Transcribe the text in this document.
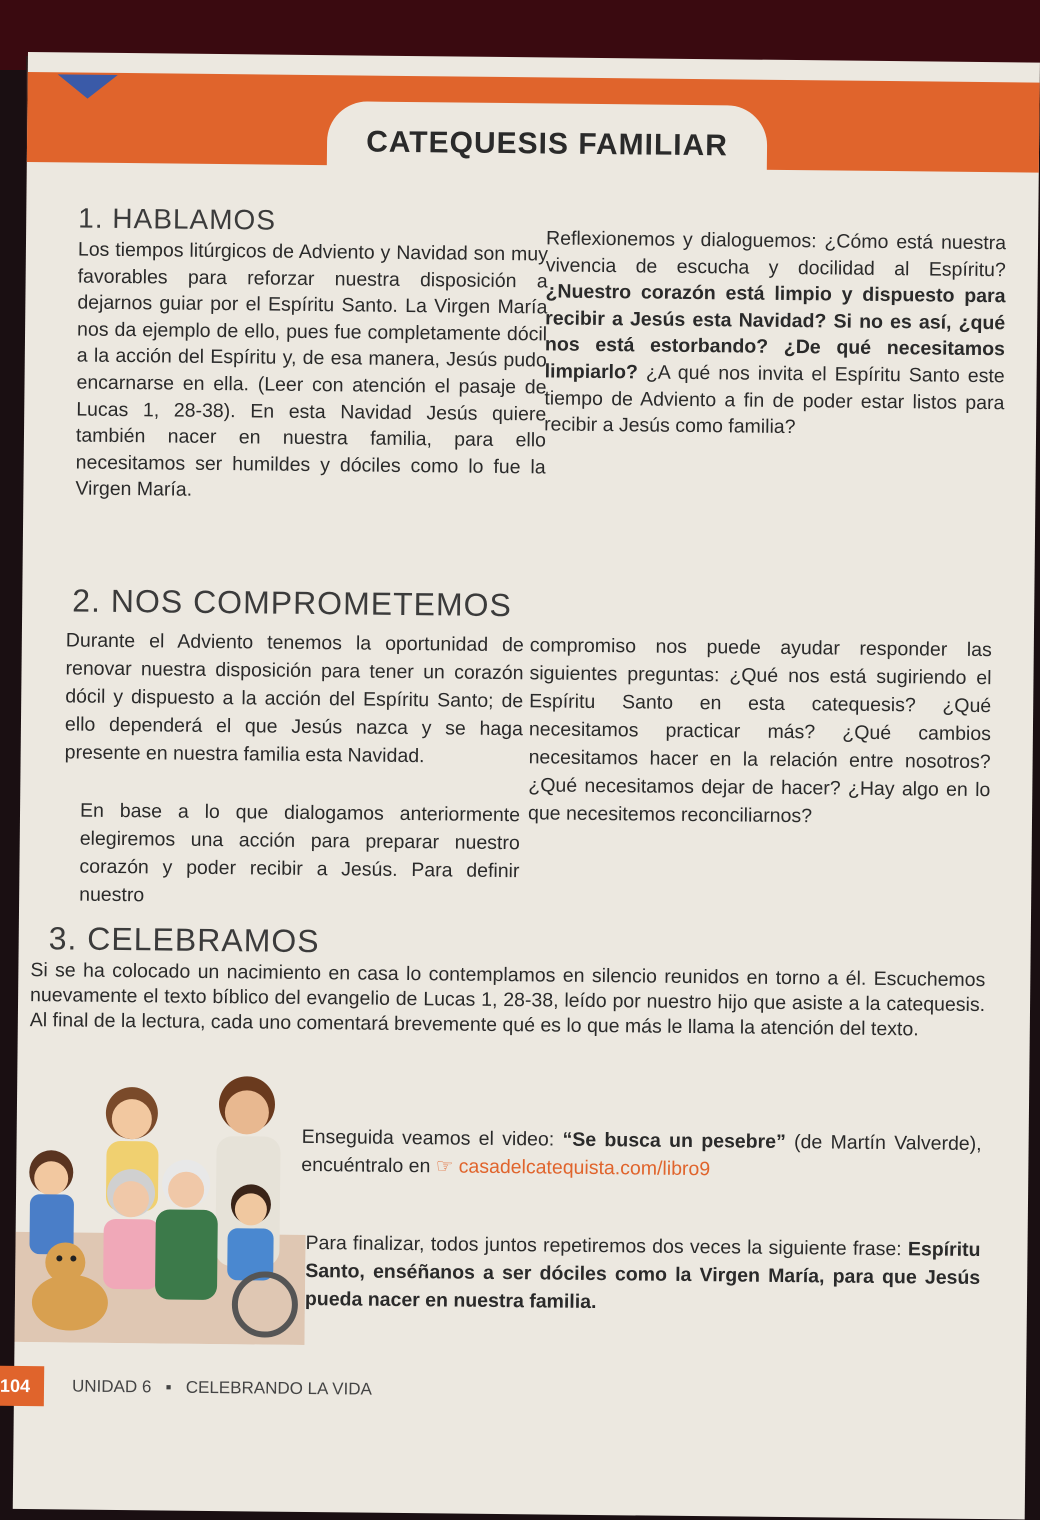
CATEQUESIS FAMILIAR
1. HABLAMOS
Los tiempos litúrgicos de Adviento y Navidad son muy favorables para reforzar nuestra disposición a dejarnos guiar por el Espíritu Santo. La Virgen María nos da ejemplo de ello, pues fue completamente dócil a la acción del Espíritu y, de esa manera, Jesús pudo encarnarse en ella. (Leer con atención el pasaje de Lucas 1, 28-38). En esta Navidad Jesús quiere también nacer en nuestra familia, para ello necesitamos ser humildes y dóciles como lo fue la Virgen María.
Reflexionemos y dialoguemos: ¿Cómo está nuestra vivencia de escucha y docilidad al Espíritu? ¿Nuestro corazón está limpio y dispuesto para recibir a Jesús esta Navidad? Si no es así, ¿qué nos está estorbando? ¿De qué necesitamos limpiarlo? ¿A qué nos invita el Espíritu Santo este tiempo de Adviento a fin de poder estar listos para recibir a Jesús como familia?
2. NOS COMPROMETEMOS
Durante el Adviento tenemos la oportunidad de renovar nuestra disposición para tener un corazón dócil y dispuesto a la acción del Espíritu Santo; de ello dependerá el que Jesús nazca y se haga presente en nuestra familia esta Navidad.
En base a lo que dialogamos anteriormente elegiremos una acción para preparar nuestro corazón y poder recibir a Jesús. Para definir nuestro
compromiso nos puede ayudar responder las siguientes preguntas: ¿Qué nos está sugiriendo el Espíritu Santo en esta catequesis? ¿Qué necesitamos practicar más? ¿Qué cambios necesitamos hacer en la relación entre nosotros? ¿Qué necesitamos dejar de hacer? ¿Hay algo en lo que necesitemos reconciliarnos?
3. CELEBRAMOS
Si se ha colocado un nacimiento en casa lo contemplamos en silencio reunidos en torno a él. Escuchemos nuevamente el texto bíblico del evangelio de Lucas 1, 28-38, leído por nuestro hijo que asiste a la catequesis. Al final de la lectura, cada uno comentará brevemente qué es lo que más le llama la atención del texto.
Enseguida veamos el video: “Se busca un pesebre” (de Martín Valverde), encuéntralo en ☞ casadelcatequista.com/libro9
Para finalizar, todos juntos repetiremos dos veces la siguiente frase: Espíritu Santo, enséñanos a ser dóciles como la Virgen María, para que Jesús pueda nacer en nuestra familia.
104	UNIDAD 6 ▪ CELEBRANDO LA VIDA
